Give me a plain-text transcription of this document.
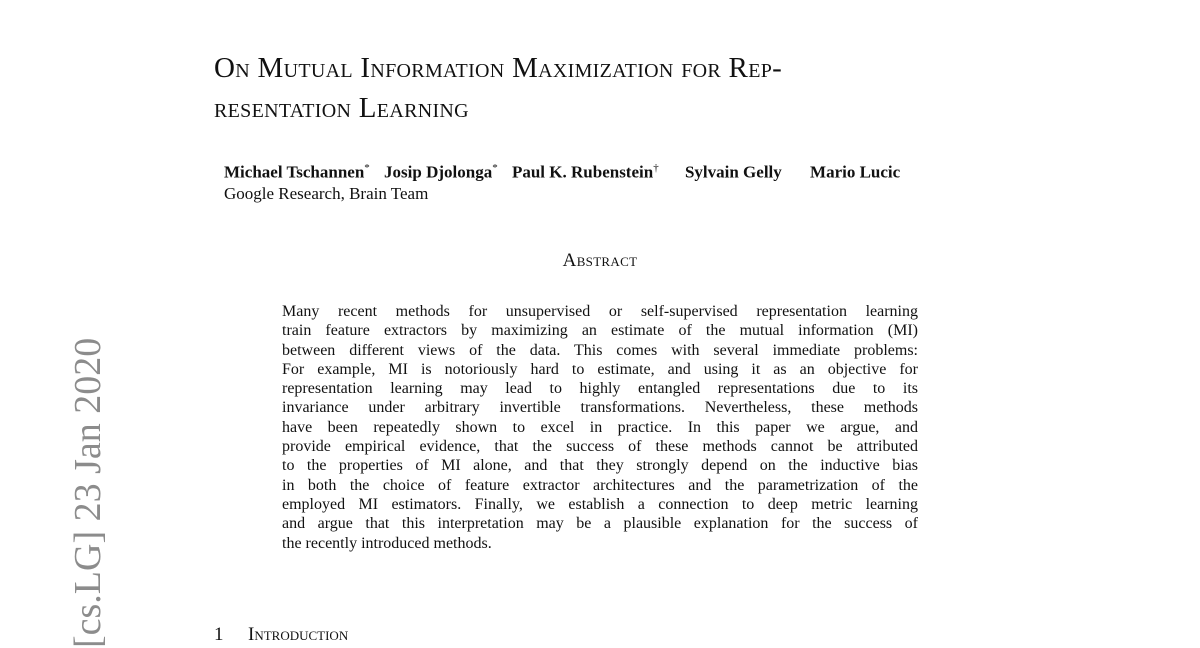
[cs.LG] 23 Jan 2020
On Mutual Information Maximization for Rep-
resentation Learning
Michael Tschannen* Josip Djolonga* Paul K. Rubenstein† Sylvain Gelly Mario Lucic
Google Research, Brain Team
Abstract
Many recent methods for unsupervised or self-supervised representation learning
train feature extractors by maximizing an estimate of the mutual information (MI)
between different views of the data. This comes with several immediate problems:
For example, MI is notoriously hard to estimate, and using it as an objective for
representation learning may lead to highly entangled representations due to its
invariance under arbitrary invertible transformations. Nevertheless, these methods
have been repeatedly shown to excel in practice. In this paper we argue, and
provide empirical evidence, that the success of these methods cannot be attributed
to the properties of MI alone, and that they strongly depend on the inductive bias
in both the choice of feature extractor architectures and the parametrization of the
employed MI estimators. Finally, we establish a connection to deep metric learning
and argue that this interpretation may be a plausible explanation for the success of
the recently introduced methods.
1 Introduction
